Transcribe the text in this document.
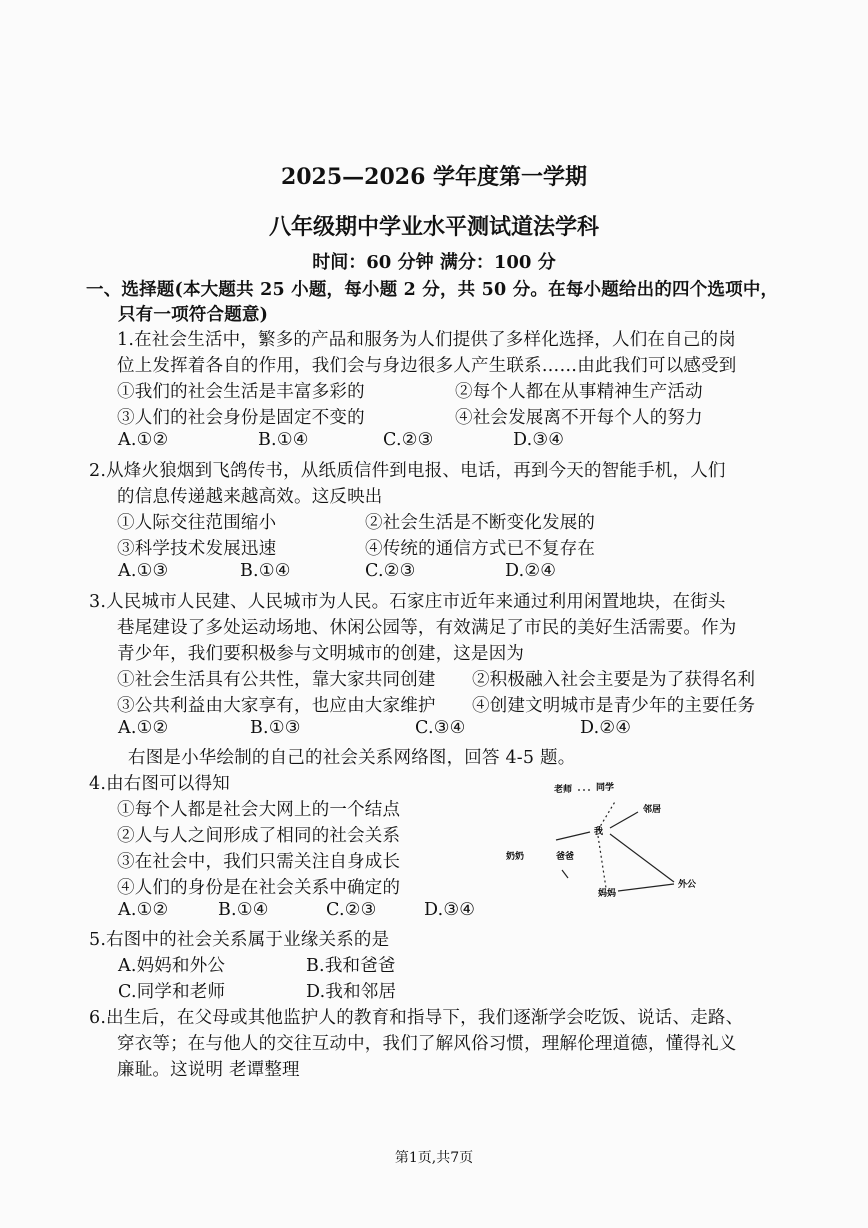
2025—2026 学年度第一学期
八年级期中学业水平测试道法学科
时间：60 分钟 满分：100 分
一、选择题(本大题共 25 小题，每小题 2 分，共 50 分。在每小题给出的四个选项中，
只有一项符合题意)
1.在社会生活中，繁多的产品和服务为人们提供了多样化选择，人们在自己的岗
位上发挥着各自的作用，我们会与身边很多人产生联系……由此我们可以感受到
①我们的社会生活是丰富多彩的	②每个人都在从事精神生产活动
③人们的社会身份是固定不变的	④社会发展离不开每个人的努力
A.①②	B.①④	C.②③	D.③④
2.从烽火狼烟到飞鸽传书，从纸质信件到电报、电话，再到今天的智能手机，人们
的信息传递越来越高效。这反映出
①人际交往范围缩小	②社会生活是不断变化发展的
③科学技术发展迅速	④传统的通信方式已不复存在
A.①③	B.①④	C.②③	D.②④
3.人民城市人民建、人民城市为人民。石家庄市近年来通过利用闲置地块，在街头
巷尾建设了多处运动场地、休闲公园等，有效满足了市民的美好生活需要。作为
青少年，我们要积极参与文明城市的创建，这是因为
①社会生活具有公共性，靠大家共同创建 ②积极融入社会主要是为了获得名利
③公共利益由大家享有，也应由大家维护 ④创建文明城市是青少年的主要任务
A.①②	B.①③	C.③④	D.②④
右图是小华绘制的自己的社会关系网络图，回答 4-5 题。
4.由右图可以得知
①每个人都是社会大网上的一个结点
②人与人之间形成了相同的社会关系
③在社会中，我们只需关注自身成长
④人们的身份是在社会关系中确定的
A.①②	B.①④	C.②③	D.③④
5.右图中的社会关系属于业缘关系的是
A.妈妈和外公	B.我和爸爸
C.同学和老师	D.我和邻居
6.出生后，在父母或其他监护人的教育和指导下，我们逐渐学会吃饭、说话、走路、
穿衣等；在与他人的交往互动中，我们了解风俗习惯，理解伦理道德，懂得礼义
廉耻。这说明 老谭整理
老师	同学
邻居
我
奶奶	爸爸
妈妈
外公
第1页,共7页
